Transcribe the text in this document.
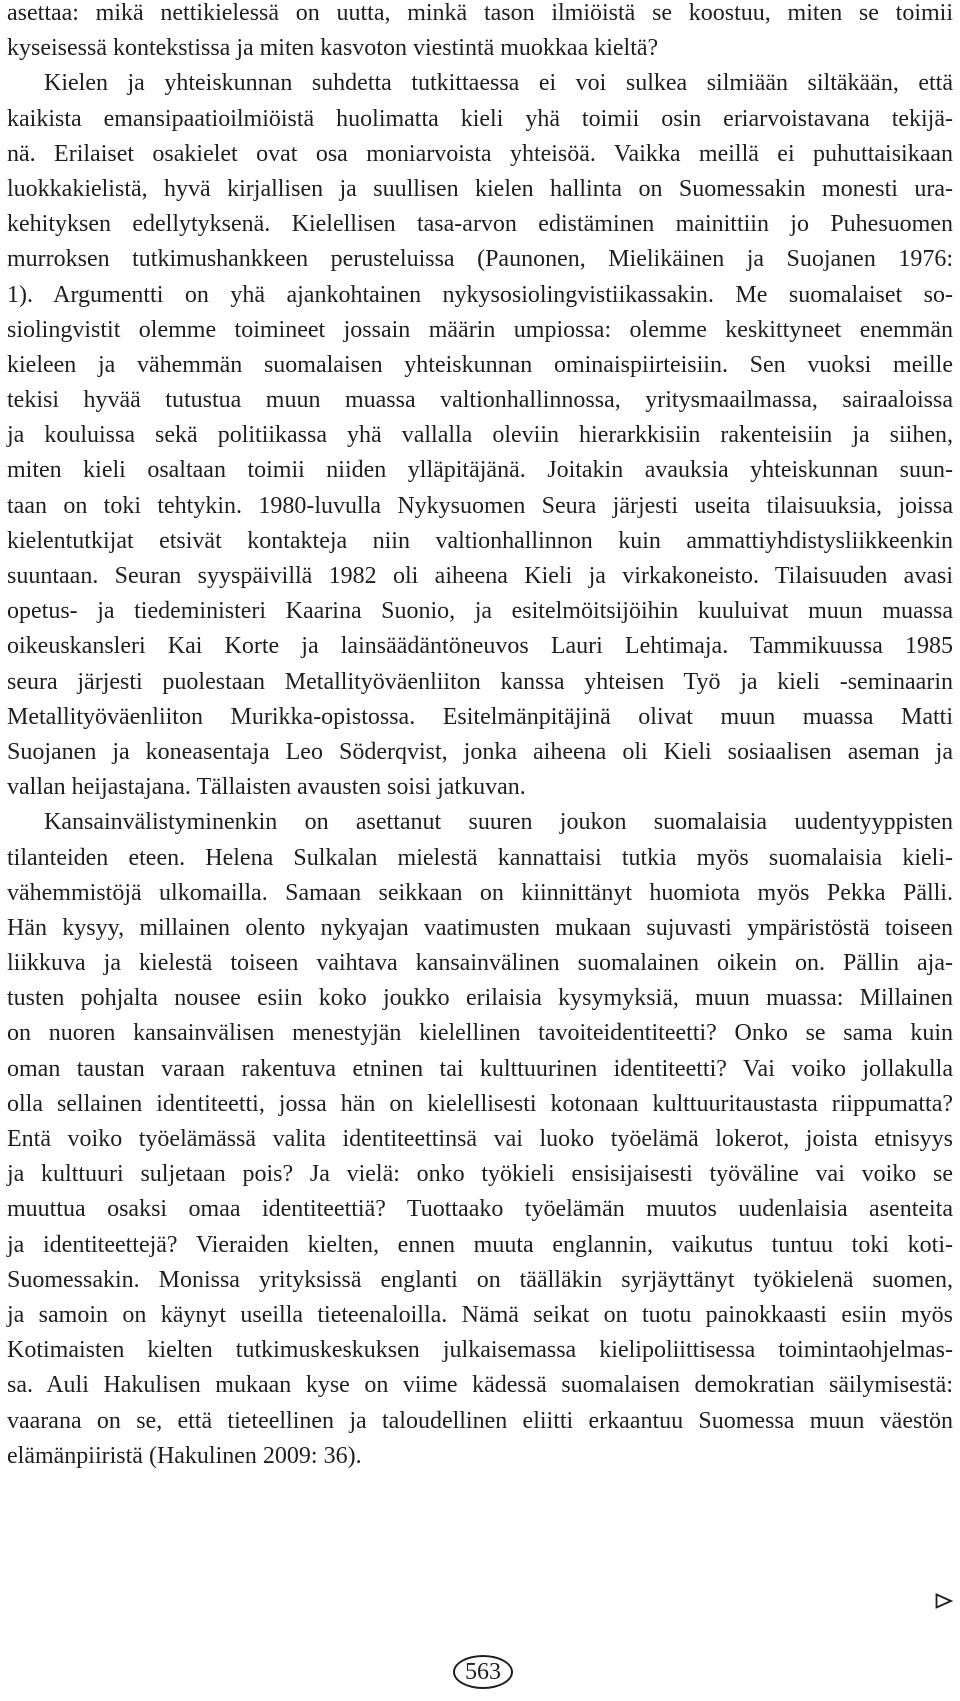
asettaa: mikä nettikielessä on uutta, minkä tason ilmiöistä se koostuu, miten se toimii
kyseisessä kontekstissa ja miten kasvoton viestintä muokkaa kieltä?
Kielen ja yhteiskunnan suhdetta tutkittaessa ei voi sulkea silmiään siltäkään, että
kaikista emansipaatioilmiöistä huolimatta kieli yhä toimii osin eriarvoistavana tekijä-
nä. Erilaiset osakielet ovat osa moniarvoista yhteisöä. Vaikka meillä ei puhuttaisikaan
luokkakielistä, hyvä kirjallisen ja suullisen kielen hallinta on Suomessakin monesti ura-
kehityksen edellytyksenä. Kielellisen tasa-arvon edistäminen mainittiin jo Puhesuomen
murroksen tutkimushankkeen perusteluissa (Paunonen, Mielikäinen ja Suojanen 1976:
1). Argumentti on yhä ajankohtainen nykysosiolingvistiikassakin. Me suomalaiset so-
siolingvistit olemme toimineet jossain määrin umpiossa: olemme keskittyneet enemmän
kieleen ja vähemmän suomalaisen yhteiskunnan ominaispiirteisiin. Sen vuoksi meille
tekisi hyvää tutustua muun muassa valtionhallinnossa, yritysmaailmassa, sairaaloissa
ja kouluissa sekä politiikassa yhä vallalla oleviin hierarkkisiin rakenteisiin ja siihen,
miten kieli osaltaan toimii niiden ylläpitäjänä. Joitakin avauksia yhteiskunnan suun-
taan on toki tehtykin. 1980-luvulla Nykysuomen Seura järjesti useita tilaisuuksia, joissa
kielentutkijat etsivät kontakteja niin valtionhallinnon kuin ammattiyhdistysliikkeenkin
suuntaan. Seuran syyspäivillä 1982 oli aiheena Kieli ja virkakoneisto. Tilaisuuden avasi
opetus- ja tiedeministeri Kaarina Suonio, ja esitelmöitsijöihin kuuluivat muun muassa
oikeuskansleri Kai Korte ja lainsäädäntöneuvos Lauri Lehtimaja. Tammikuussa 1985
seura järjesti puolestaan Metallityöväenliiton kanssa yhteisen Työ ja kieli -seminaarin
Metallityöväenliiton Murikka-opistossa. Esitelmänpitäjinä olivat muun muassa Matti
Suojanen ja koneasentaja Leo Söderqvist, jonka aiheena oli Kieli sosiaalisen aseman ja
vallan heijastajana. Tällaisten avausten soisi jatkuvan.
Kansainvälistyminenkin on asettanut suuren joukon suomalaisia uudentyyppisten
tilanteiden eteen. Helena Sulkalan mielestä kannattaisi tutkia myös suomalaisia kieli-
vähemmistöjä ulkomailla. Samaan seikkaan on kiinnittänyt huomiota myös Pekka Pälli.
Hän kysyy, millainen olento nykyajan vaatimusten mukaan sujuvasti ympäristöstä toiseen
liikkuva ja kielestä toiseen vaihtava kansainvälinen suomalainen oikein on. Pällin aja-
tusten pohjalta nousee esiin koko joukko erilaisia kysymyksiä, muun muassa: Millainen
on nuoren kansainvälisen menestyjän kielellinen tavoiteidentiteetti? Onko se sama kuin
oman taustan varaan rakentuva etninen tai kulttuurinen identiteetti? Vai voiko jollakulla
olla sellainen identiteetti, jossa hän on kielellisesti kotonaan kulttuuritaustasta riippumatta?
Entä voiko työelämässä valita identiteettinsä vai luoko työelämä lokerot, joista etnisyys
ja kulttuuri suljetaan pois? Ja vielä: onko työkieli ensisijaisesti työväline vai voiko se
muuttua osaksi omaa identiteettiä? Tuottaako työelämän muutos uudenlaisia asenteita
ja identiteettejä? Vieraiden kielten, ennen muuta englannin, vaikutus tuntuu toki koti-
Suomessakin. Monissa yrityksissä englanti on täälläkin syrjäyttänyt työkielenä suomen,
ja samoin on käynyt useilla tieteenaloilla. Nämä seikat on tuotu painokkaasti esiin myös
Kotimaisten kielten tutkimuskeskuksen julkaisemassa kielipoliittisessa toimintaohjelmas-
sa. Auli Hakulisen mukaan kyse on viime kädessä suomalaisen demokratian säilymisestä:
vaarana on se, että tieteellinen ja taloudellinen eliitti erkaantuu Suomessa muun väestön
elämänpiiristä (Hakulinen 2009: 36).
563
